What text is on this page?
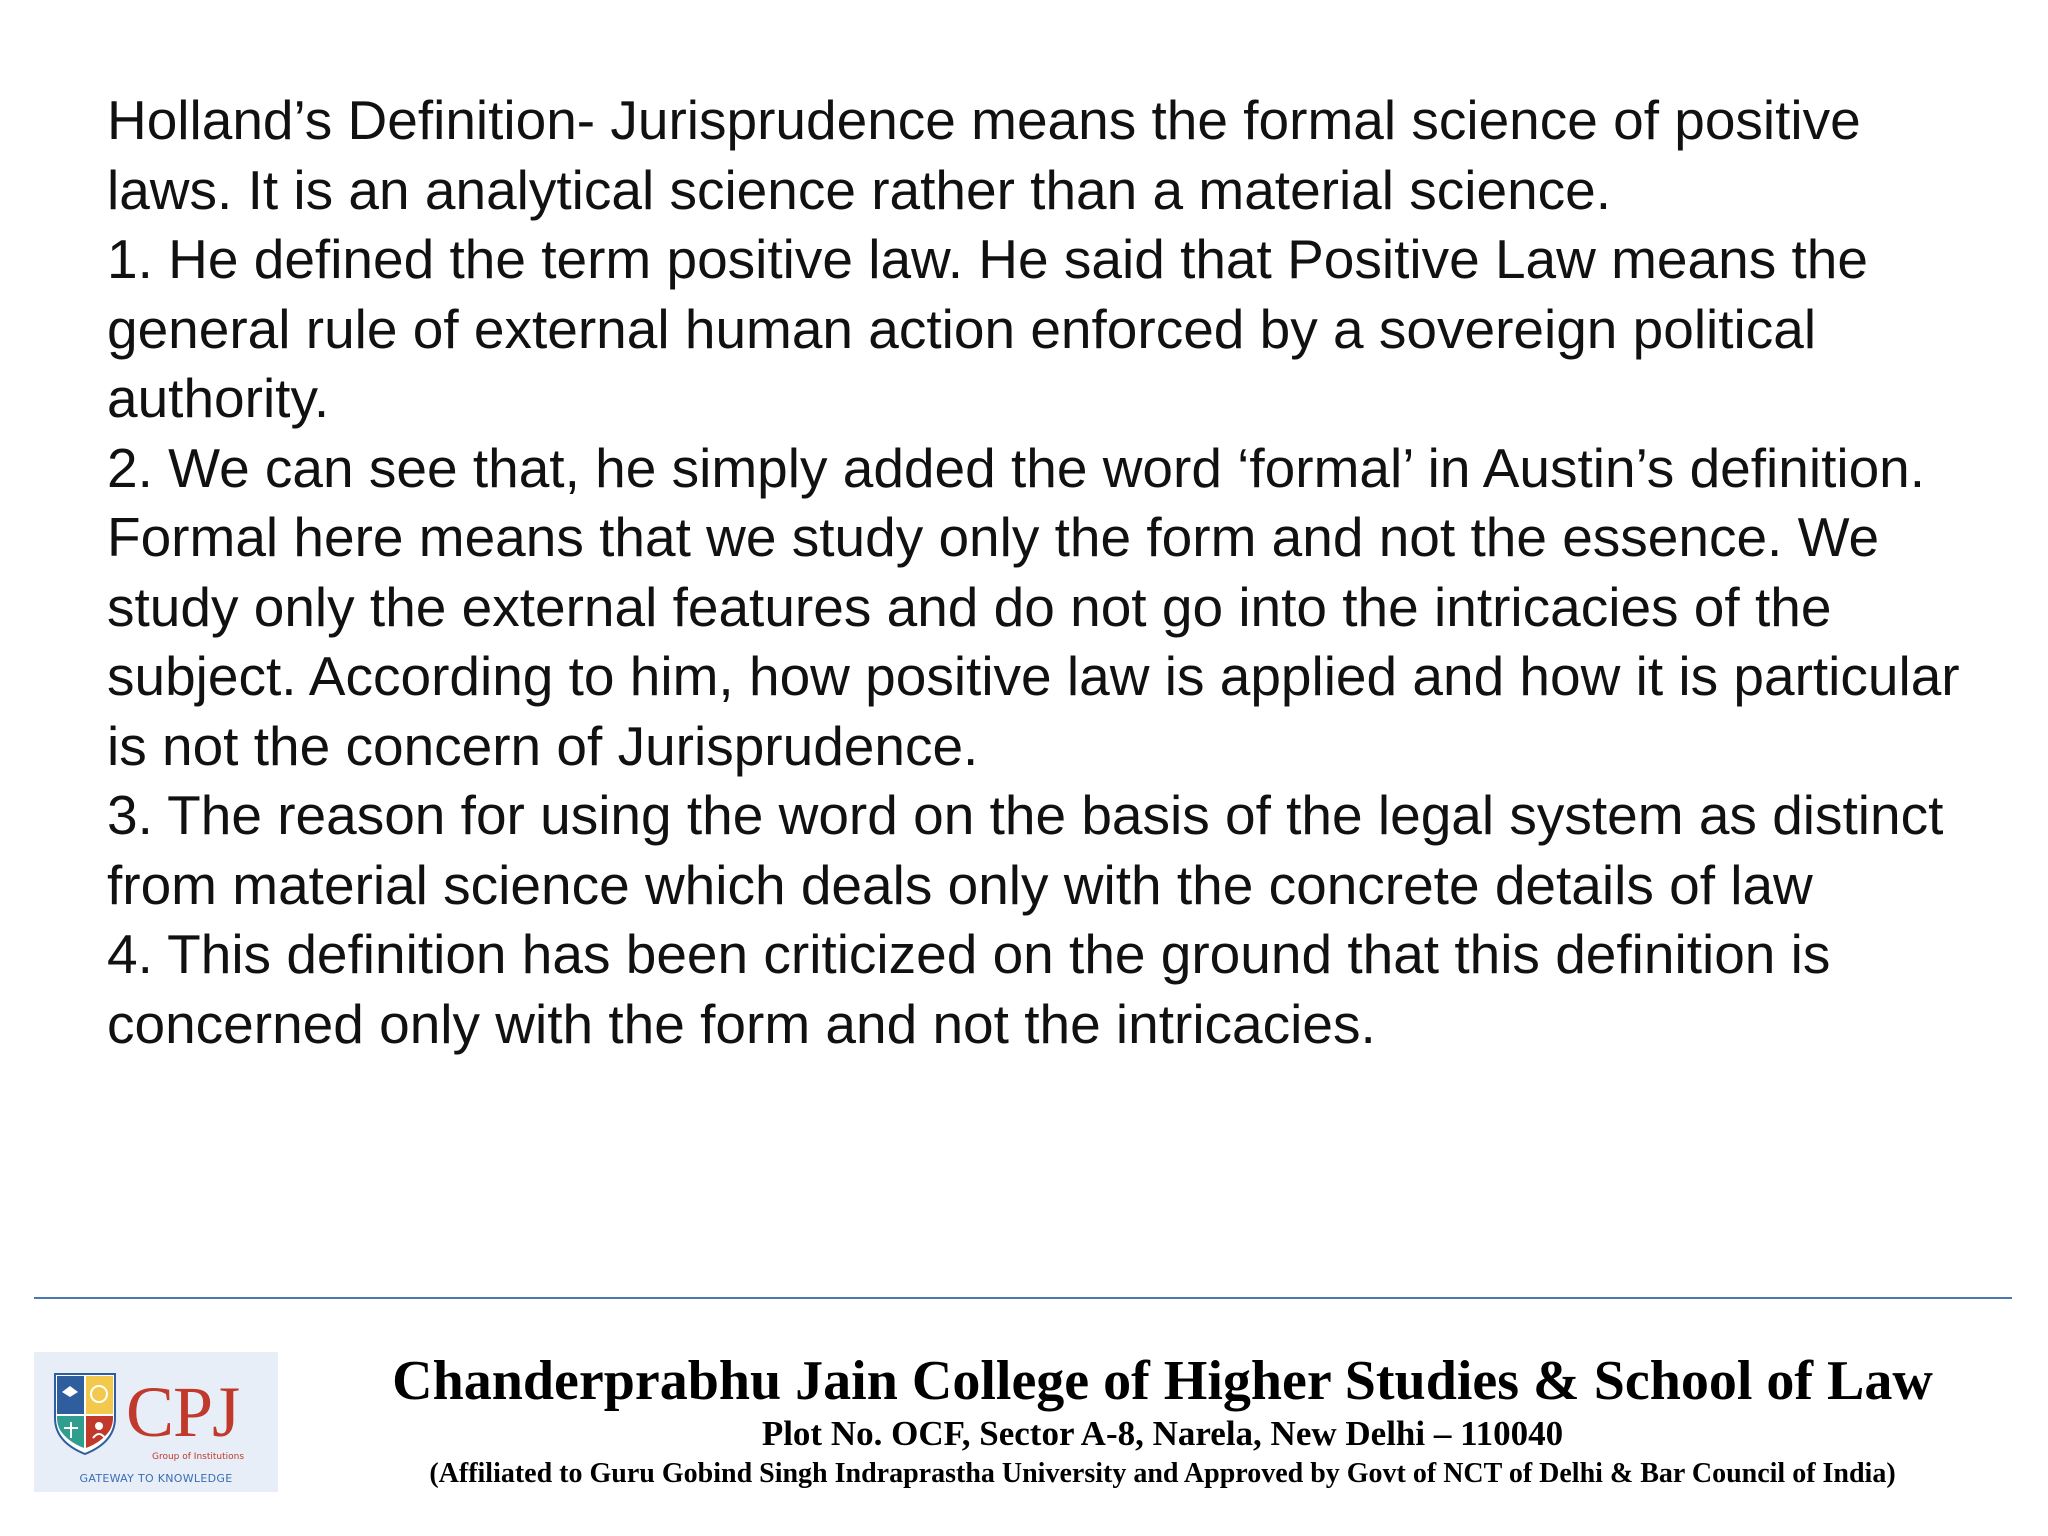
Holland’s Definition- Jurisprudence means the formal science of positive laws. It is an analytical science rather than a material science.

1. He defined the term positive law. He said that Positive Law means the general rule of external human action enforced by a sovereign political authority.

2. We can see that, he simply added the word ‘formal’ in Austin’s definition. Formal here means that we study only the form and not the essence. We study only the external features and do not go into the intricacies of the subject. According to him, how positive law is applied and how it is particular is not the concern of Jurisprudence.

3. The reason for using the word on the basis of the legal system as distinct from material science which deals only with the concrete details of law

4. This definition has been criticized on the ground that this definition is concerned only with the form and not the intricacies.

CPJ
Group of Institutions
GATEWAY TO KNOWLEDGE

Chanderprabhu Jain College of Higher Studies & School of Law

Plot No. OCF, Sector A-8, Narela, New Delhi – 110040

(Affiliated to Guru Gobind Singh Indraprastha University and Approved by Govt of NCT of Delhi & Bar Council of India)
